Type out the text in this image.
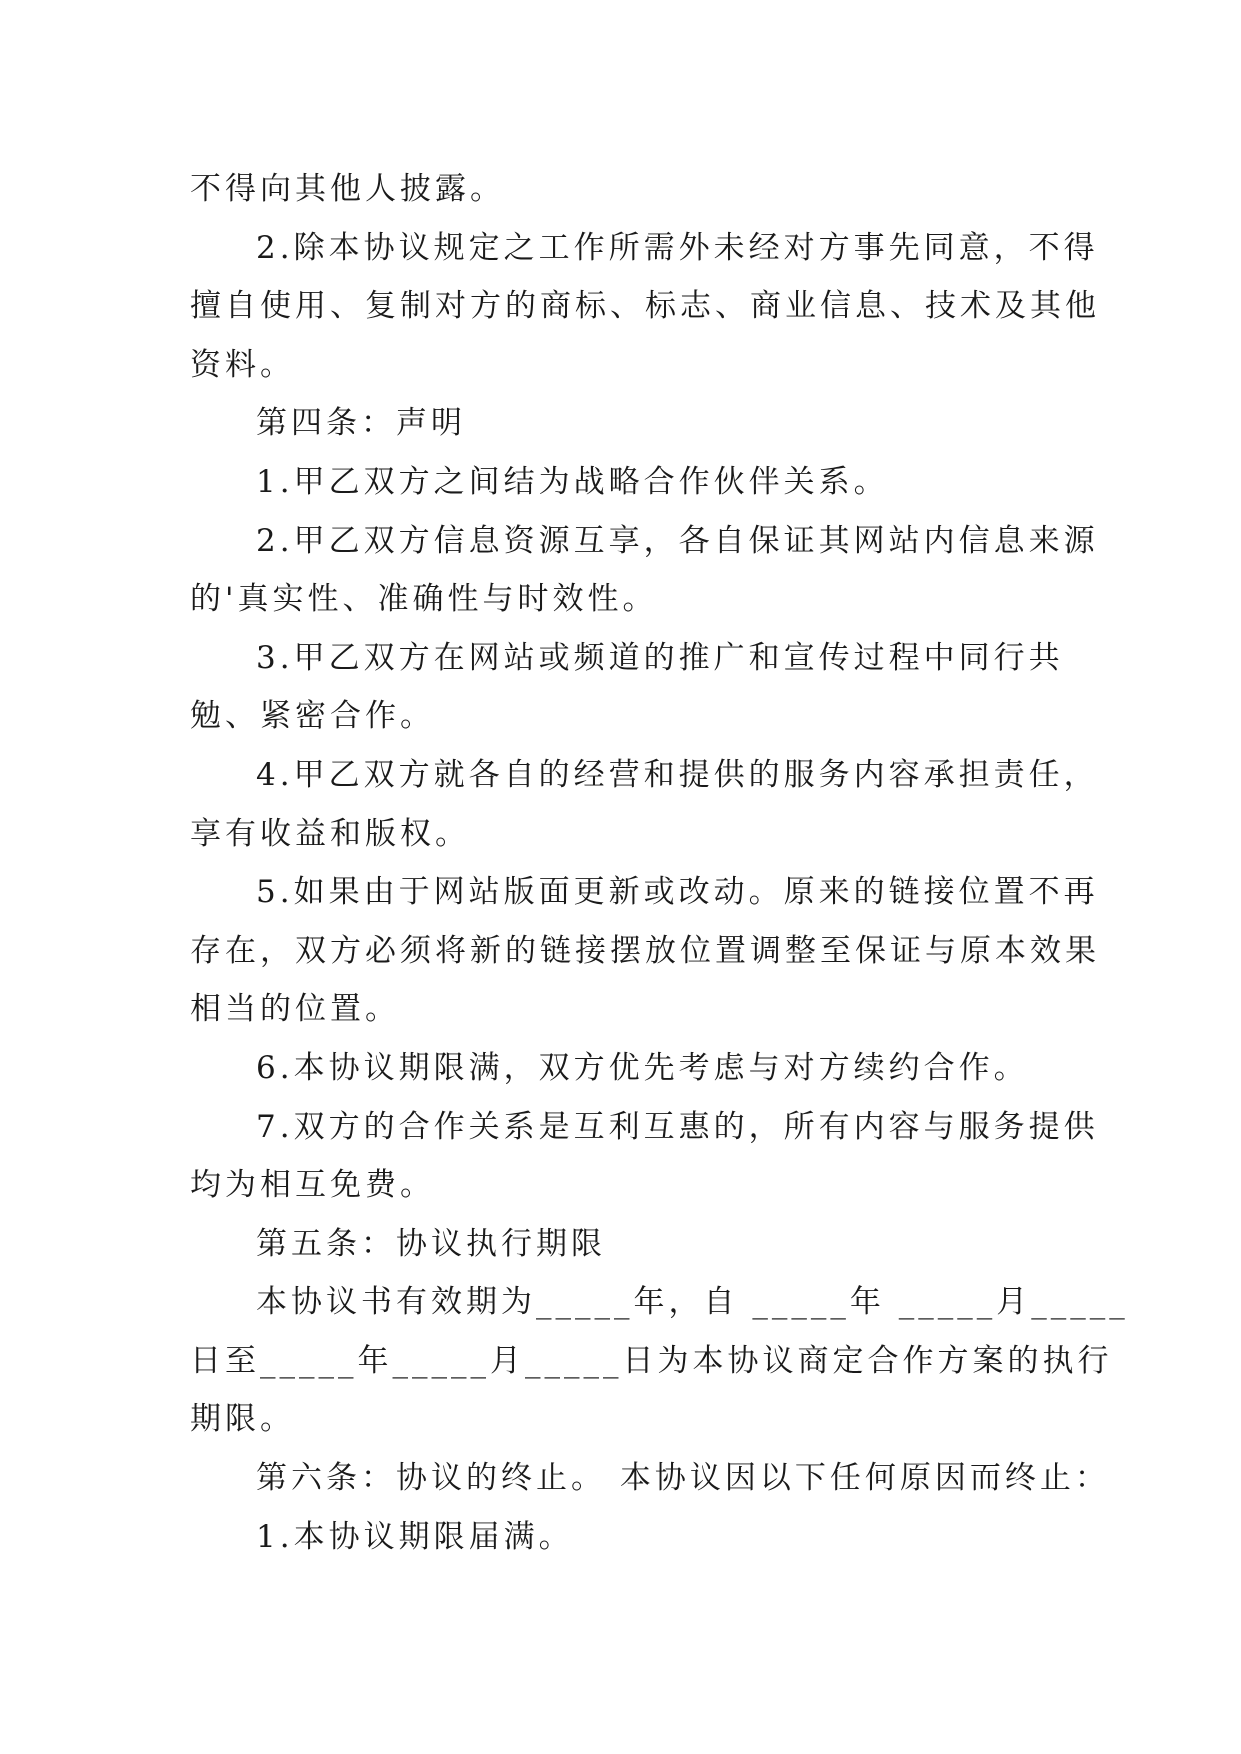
不得向其他人披露。
2.除本协议规定之工作所需外未经对方事先同意，不得
擅自使用、复制对方的商标、标志、商业信息、技术及其他
资料。
第四条：声明
1.甲乙双方之间结为战略合作伙伴关系。
2.甲乙双方信息资源互享，各自保证其网站内信息来源
的'真实性、准确性与时效性。
3.甲乙双方在网站或频道的推广和宣传过程中同行共
勉、紧密合作。
4.甲乙双方就各自的经营和提供的服务内容承担责任，
享有收益和版权。
5.如果由于网站版面更新或改动。原来的链接位置不再
存在，双方必须将新的链接摆放位置调整至保证与原本效果
相当的位置。
6.本协议期限满，双方优先考虑与对方续约合作。
7.双方的合作关系是互利互惠的，所有内容与服务提供
均为相互免费。
第五条：协议执行期限
本协议书有效期为_____年，自 _____年 _____月_____
日至_____年_____月_____日为本协议商定合作方案的执行
期限。
第六条：协议的终止。 本协议因以下任何原因而终止：
1.本协议期限届满。
